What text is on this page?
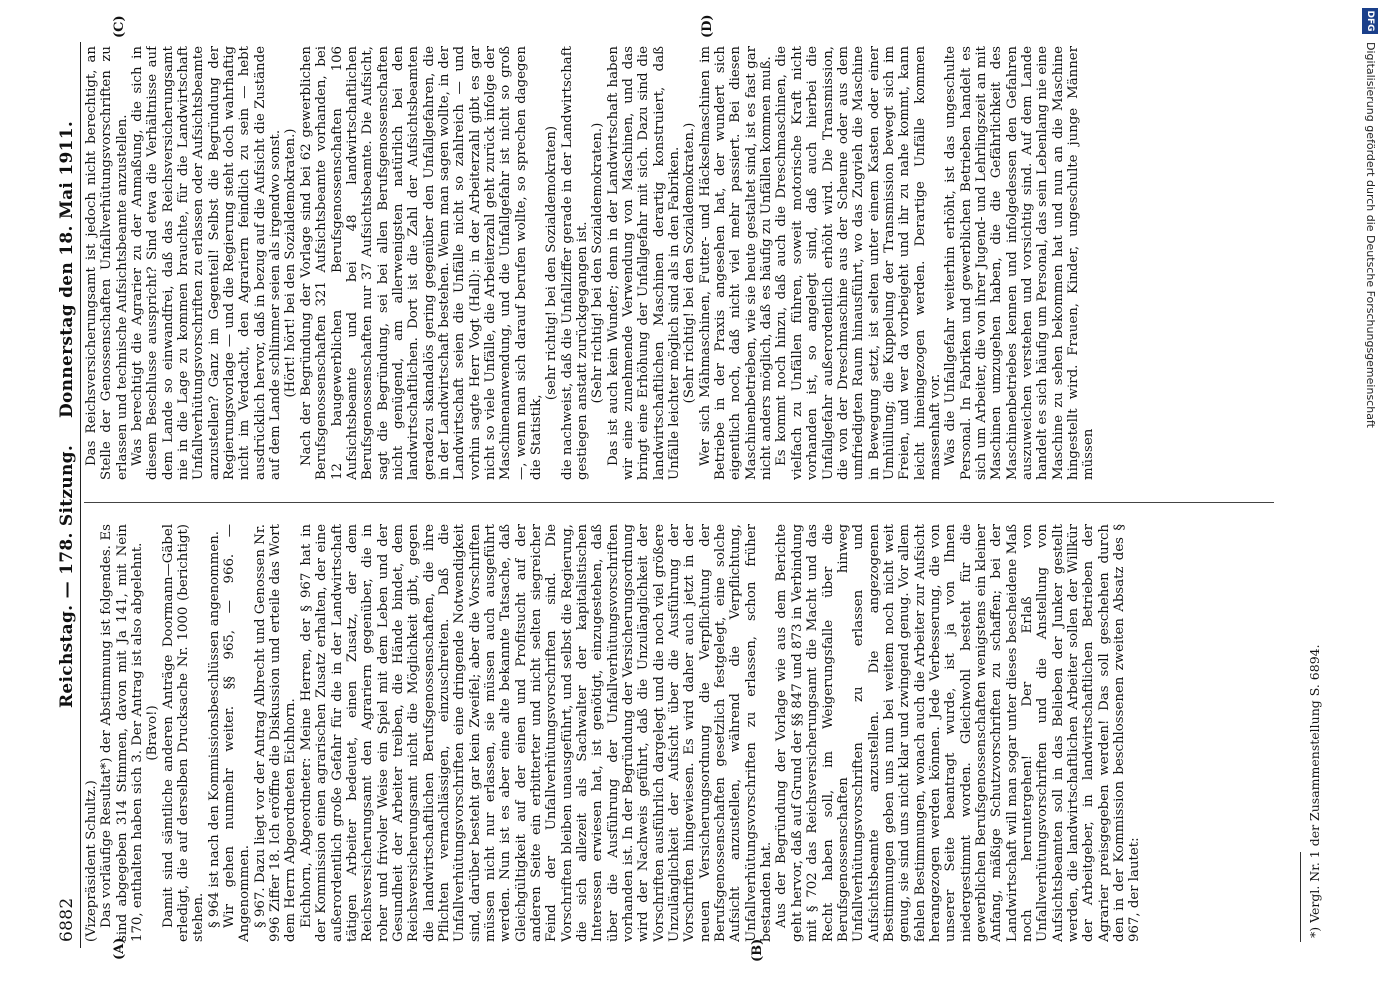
6882
Reichstag. — 178. Sitzung.
Donnerstag den 18. Mai 1911.
(A)	(B)
(C)	(D)

(Vizepräsident Schultz.) Das vorläufige Resultat*) der Abstimmung ist folgendes. Es sind abgegeben 314 Stimmen, davon mit Ja 141, mit Nein 170, enthalten haben sich 3. Der Antrag ist also abgelehnt. (Bravo!) Damit sind sämtliche anderen Anträge Doormann—Gäbel erledigt, die auf derselben Drucksache Nr. 1000 (berichtigt) stehen. § 964 ist nach den Kommissionsbeschlüssen angenommen. Wir gehen nunmehr weiter. §§ 965, — 966. — Angenommen. § 967. Dazu liegt vor der Antrag Albrecht und Genossen Nr. 996 Ziffer 18. Ich eröffne die Diskussion und erteile das Wort dem Herrn Abgeordneten Eichhorn. Eichhorn, Abgeordneter: Meine Herren, der § 967 hat in der Kommission einen agrarischen Zusatz erhalten, der eine außerordentlich große Gefahr für die in der Landwirtschaft tätigen Arbeiter bedeutet, einen Zusatz, der dem Reichsversicherungsamt den Agrariern gegenüber, die in roher und frivoler Weise ein Spiel mit dem Leben und der Gesundheit der Arbeiter treiben, die Hände bindet, dem Reichsversicherungsamt nicht die Möglichkeit gibt, gegen die landwirtschaftlichen Berufsgenossenschaften, die ihre Pflichten vernachlässigen, einzuschreiten. Daß die Unfallverhütungsvorschriften eine dringende Notwendigkeit sind, darüber besteht gar kein Zweifel; aber die Vorschriften müssen nicht nur erlassen, sie müssen auch ausgeführt werden. Nun ist es aber eine alte bekannte Tatsache, daß Gleichgültigkeit auf der einen und Profitsucht auf der anderen Seite ein erbitterter und nicht selten siegreicher Feind der Unfallverhütungsvorschriften sind. Die Vorschriften bleiben unausgeführt, und selbst die Regierung, die sich allezeit als Sachwalter der kapitalistischen Interessen erwiesen hat, ist genötigt, einzugestehen, daß über die Ausführung der Unfallverhütungsvorschriften vorhanden ist. In der Begründung der Versicherungsordnung wird der Nachweis geführt, daß die Unzulänglichkeit der Vorschriften ausführlich dargelegt und die noch viel größere Unzulänglichkeit der Aufsicht über die Ausführung der Vorschriften hingewiesen. Es wird daher auch jetzt in der neuen Versicherungsordnung die Verpflichtung der Berufsgenossenschaften gesetzlich festgelegt, eine solche Aufsicht anzustellen, während die Verpflichtung, Unfallverhütungsvorschriften zu erlassen, schon früher bestanden hat. Aus der Begründung der Vorlage wie aus dem Berichte geht hervor, daß auf Grund der §§ 847 und 873 in Verbindung mit § 702 das Reichsversicherungsamt die Macht und das Recht haben soll, im Weigerungsfalle über die Berufsgenossenschaften hinweg Unfallverhütungsvorschriften zu erlassen und Aufsichtsbeamte anzustellen. Die angezogenen Bestimmungen geben uns nun bei weitem noch nicht weit genug, sie sind uns nicht klar und zwingend genug. Vor allem fehlen Bestimmungen, wonach auch die Arbeiter zur Aufsicht herangezogen werden können. Jede Verbesserung, die von unserer Seite beantragt wurde, ist ja von Ihnen niedergestimmt worden. Gleichwohl besteht für die gewerblichen Berufsgenossenschaften wenigstens ein kleiner Anfang, mäßige Schutzvorschriften zu schaffen; bei der Landwirtschaft will man sogar unter dieses bescheidene Maß noch heruntergehen! Der Erlaß von Unfallverhütungsvorschriften und die Anstellung von Aufsichtsbeamten soll in das Belieben der Junker gestellt werden, die landwirtschaftlichen Arbeiter sollen der Willkür der Arbeitgeber, in landwirtschaftlichen Betrieben der Agrarier preisgegeben werden! Das soll geschehen durch den in der Kommission beschlossenen zweiten Absatz des § 967, der lautet:

Das Reichsversicherungsamt ist jedoch nicht berechtigt, an Stelle der Genossenschaften Unfallverhütungsvorschriften zu erlassen und technische Aufsichtsbeamte anzustellen. Was berechtigt die Agrarier zu der Anmaßung, die sich in diesem Beschlusse ausspricht? Sind etwa die Verhältnisse auf dem Lande so einwandfrei, daß das Reichsversicherungsamt nie in die Lage zu kommen brauchte, für die Landwirtschaft Unfallverhütungsvorschriften zu erlassen oder Aufsichtsbeamte anzustellen? Ganz im Gegenteil! Selbst die Begründung der Regierungsvorlage — und die Regierung steht doch wahrhaftig nicht im Verdacht, den Agrariern feindlich zu sein — hebt ausdrücklich hervor, daß in bezug auf die Aufsicht die Zustände auf dem Lande schlimmer seien als irgendwo sonst. (Hört! hört! bei den Sozialdemokraten.) Nach der Begründung der Vorlage sind bei 62 gewerblichen Berufsgenossenschaften 321 Aufsichtsbeamte vorhanden, bei 12 baugewerblichen Berufsgenossenschaften 106 Aufsichtsbeamte und bei 48 landwirtschaftlichen Berufsgenossenschaften nur 37 Aufsichtsbeamte. Die Aufsicht, sagt die Begründung, sei bei allen Berufsgenossenschaften nicht genügend, am allerwenigsten natürlich bei den landwirtschaftlichen. Dort ist die Zahl der Aufsichtsbeamten geradezu skandalös gering gegenüber den Unfallgefahren, die in der Landwirtschaft bestehen. Wenn man sagen wollte, in der Landwirtschaft seien die Unfälle nicht so zahlreich — und vorhin sagte Herr Vogt (Hall): in der Arbeiterzahl gibt es gar nicht so viele Unfälle, die Arbeiterzahl geht zurück infolge der Maschinenanwendung, und die Unfallgefahr ist nicht so groß —, wenn man sich darauf berufen wollte, so sprechen dagegen die Statistik,

(sehr richtig! bei den Sozialdemokraten) die nachweist, daß die Unfallziffer gerade in der Landwirtschaft gestiegen anstatt zurückgegangen ist. (Sehr richtig! bei den Sozialdemokraten.) Das ist auch kein Wunder; denn in der Landwirtschaft haben wir eine zunehmende Verwendung von Maschinen, und das bringt eine Erhöhung der Unfallgefahr mit sich. Dazu sind die landwirtschaftlichen Maschinen derartig konstruiert, daß Unfälle leichter möglich sind als in den Fabriken. (Sehr richtig! bei den Sozialdemokraten.) Wer sich Mähmaschinen, Futter- und Häckselmaschinen im Betriebe in der Praxis angesehen hat, der wundert sich eigentlich noch, daß nicht viel mehr passiert. Bei diesen Maschinenbetrieben, wie sie heute gestaltet sind, ist es fast gar nicht anders möglich, daß es häufig zu Unfällen kommen muß. Es kommt noch hinzu, daß auch die Dreschmaschinen, die vielfach zu Unfällen führen, soweit motorische Kraft nicht vorhanden ist, so angelegt sind, daß auch hierbei die Unfallgefahr außerordentlich erhöht wird. Die Transmission, die von der Dreschmaschine aus der Scheune oder aus dem umfriedigten Raum hinausführt, wo das Zugvieh die Maschine in Bewegung setzt, ist selten unter einem Kasten oder einer Umhüllung; die Kuppelung der Transmission bewegt sich im Freien, und wer da vorbeigeht und ihr zu nahe kommt, kann leicht hineingezogen werden. Derartige Unfälle kommen massenhaft vor. Was die Unfallgefahr weiterhin erhöht, ist das ungeschulte Personal. In Fabriken und gewerblichen Betrieben handelt es sich um Arbeiter, die von ihrer Jugend- und Lehrlingszeit an mit Maschinen umzugehen haben, die die Gefährlichkeit des Maschinenbetriebes kennen und infolgedessen den Gefahren auszuweichen verstehen und vorsichtig sind. Auf dem Lande handelt es sich häufig um Personal, das sein Lebenlang nie eine Maschine zu sehen bekommen hat und nun an die Maschine hingestellt wird. Frauen, Kinder, ungeschulte junge Männer müssen

*) Vergl. Nr. 1 der Zusammenstellung S. 6894.
DFGDigitalisierung gefördert durch die Deutsche Forschungsgemeinschaft
